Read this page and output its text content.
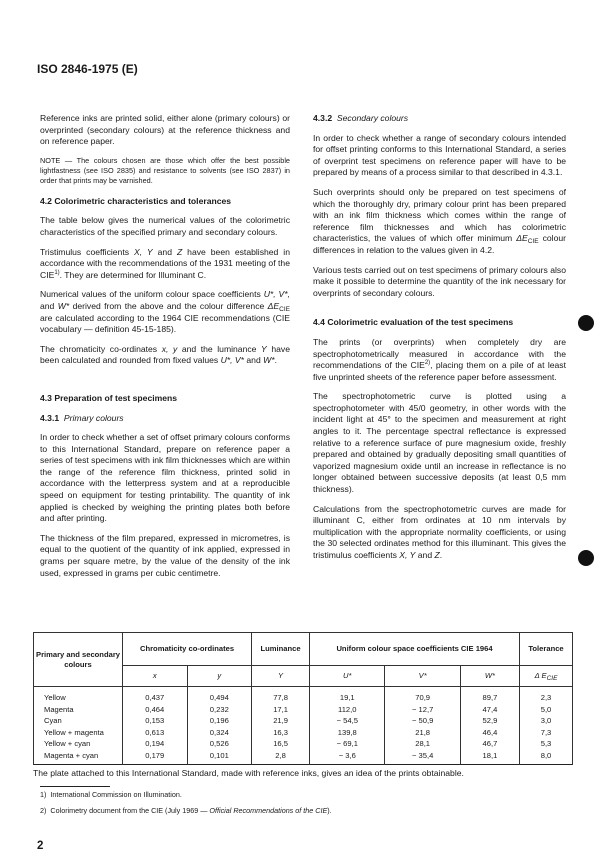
ISO 2846-1975 (E)

Reference inks are printed solid, either alone (primary colours) or overprinted (secondary colours) at the reference thickness and on reference paper.

NOTE — The colours chosen are those which offer the best possible lightfastness (see ISO 2835) and resistance to solvents (see ISO 2837) in order that prints may be varnished.

4.2 Colorimetric characteristics and tolerances

The table below gives the numerical values of the colorimetric characteristics of the specified primary and secondary colours.

Tristimulus coefficients X, Y and Z have been established in accordance with the recommendations of the 1931 meeting of the CIE$^{1)}$. They are determined for Illuminant C.

Numerical values of the uniform colour space coefficients U*, V*, and W* derived from the above and the colour difference $\Delta E_{CIE}$ are calculated according to the 1964 CIE recommendations (CIE vocabulary — definition 45-15-185).

The chromaticity co-ordinates x, y and the luminance Y have been calculated and rounded from fixed values U*, V* and W*.

4.3 Preparation of test specimens
4.3.1 Primary colours

In order to check whether a set of offset primary colours conforms to this International Standard, prepare on reference paper a series of test specimens with ink film thicknesses which are within the range of the reference film thickness, printed solid in accordance with the letterpress system and at a reproducible speed on equipment for testing printability. The quantity of ink applied is checked by weighing the printing plates both before and after printing.

The thickness of the film prepared, expressed in micrometres, is equal to the quotient of the quantity of ink applied, expressed in grams per square metre, by the value of the density of the ink used, expressed in grams per cubic centimetre.

4.3.2 Secondary colours

In order to check whether a range of secondary colours intended for offset printing conforms to this International Standard, a series of overprint test specimens on reference paper will have to be prepared by means of a process similar to that described in 4.3.1.

Such overprints should only be prepared on test specimens of which the thoroughly dry, primary colour print has been prepared with an ink film thickness which comes within the range of reference film thicknesses and which has colorimetric characteristics, the values of which offer minimum $\Delta E_{CIE}$ colour differences in relation to the values given in 4.2.

Various tests carried out on test specimens of primary colours also make it possible to determine the quantity of the ink necessary for overprints of secondary colours.

4.4 Colorimetric evaluation of the test specimens

The prints (or overprints) when completely dry are spectrophotometrically measured in accordance with the recommendations of the CIE$^{2)}$, placing them on a pile of at least five unprinted sheets of the reference paper before assessment.

The spectrophotometric curve is plotted using a spectrophotometer with 45/0 geometry, in other words with the incident light at 45° to the specimen and measurement at right angles to it. The percentage spectral reflectance is expressed relative to a reference surface of pure magnesium oxide, freshly prepared and obtained by gradually depositing small quantities of vaporized magnesium oxide until an increase in reflectance is no longer obtained between successive deposits (at least 0,5 mm thickness).

Calculations from the spectrophotometric curves are made for illuminant C, either from ordinates at 10 nm intervals by multiplication with the appropriate normality coefficients, or using the 30 selected ordinates method for this illuminant. This gives the tristimulus coefficients X, Y and Z.

Primary and secondary colours	Chromaticity co-ordinates		Luminance	Uniform colour space coefficients CIE 1964			Tolerance
	x	y	Y	U*	V*	W*	Δ $E_{CIE}$
Yellow	0,437	0,494	77,8	19,1	70,9	89,7	2,3
Magenta	0,464	0,232	17,1	112,0	− 12,7	47,4	5,0
Cyan	0,153	0,196	21,9	− 54,5	− 50,9	52,9	3,0
Yellow + magenta	0,613	0,324	16,3	139,8	21,8	46,4	7,3
Yellow + cyan	0,194	0,526	16,5	− 69,1	28,1	46,7	5,3
Magenta + cyan	0,179	0,101	2,8	− 3,6	− 35,4	18,1	8,0
The plate attached to this International Standard, made with reference inks, gives an idea of the prints obtainable.
1) International Commission on Illumination.
2) Colorimetry document from the CIE (July 1969 — Official Recommendations of the CIE).
2
